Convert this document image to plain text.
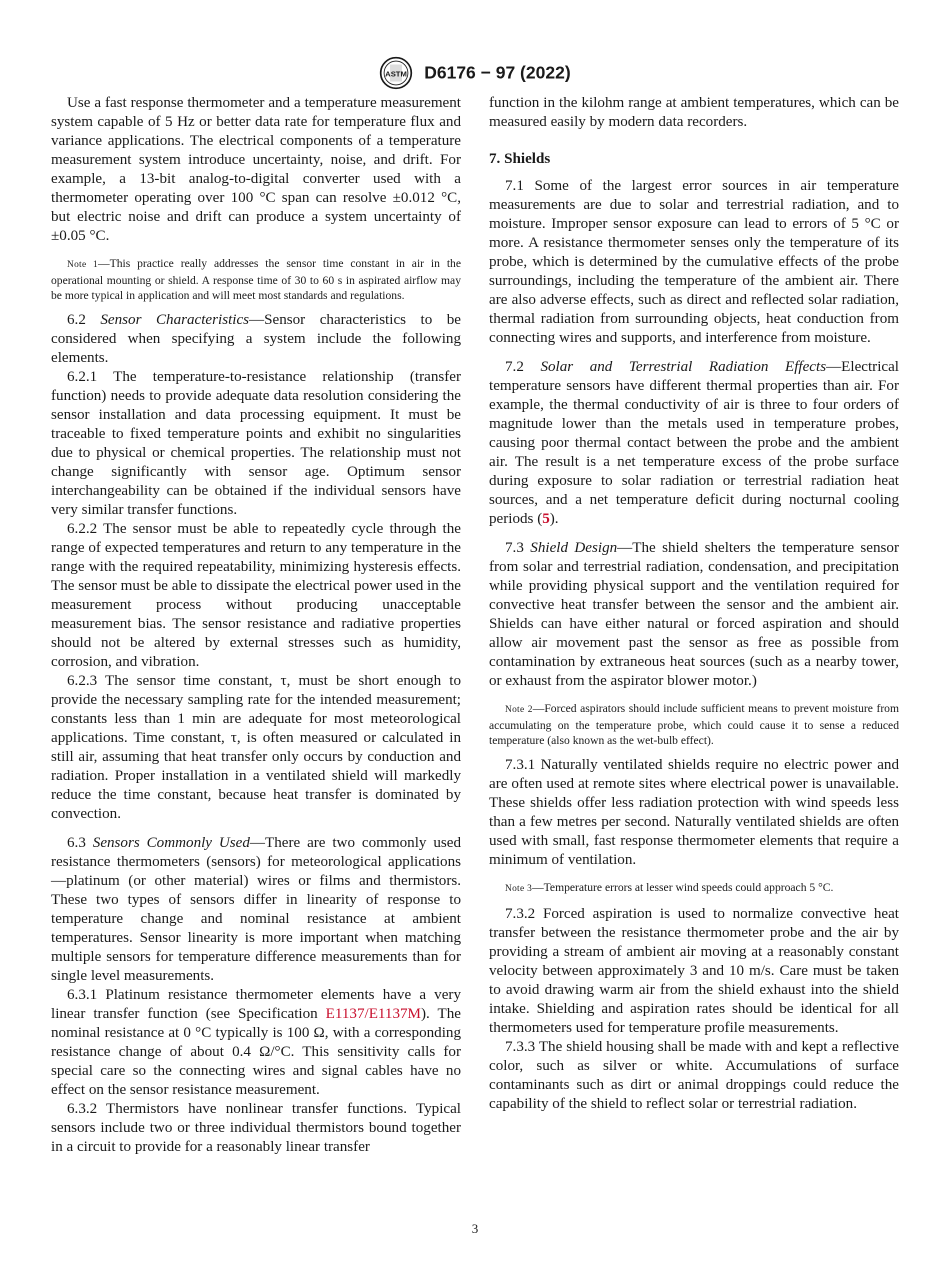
ASTM D6176 − 97 (2022)

Use a fast response thermometer and a temperature measurement system capable of 5 Hz or better data rate for temperature flux and variance applications. The electrical components of a temperature measurement system introduce uncertainty, noise, and drift. For example, a 13-bit analog-to-digital converter used with a thermometer operating over 100 °C span can resolve ±0.012 °C, but electric noise and drift can produce a system uncertainty of ±0.05 °C.

Note 1—This practice really addresses the sensor time constant in air in the operational mounting or shield. A response time of 30 to 60 s in aspirated airflow may be more typical in application and will meet most standards and regulations.

6.2 Sensor Characteristics—Sensor characteristics to be considered when specifying a system include the following elements.

6.2.1 The temperature-to-resistance relationship (transfer function) needs to provide adequate data resolution considering the sensor installation and data processing equipment. It must be traceable to fixed temperature points and exhibit no singularities due to physical or chemical properties. The relationship must not change significantly with sensor age. Optimum sensor interchangeability can be obtained if the individual sensors have very similar transfer functions.

6.2.2 The sensor must be able to repeatedly cycle through the range of expected temperatures and return to any temperature in the range with the required repeatability, minimizing hysteresis effects. The sensor must be able to dissipate the electrical power used in the measurement process without producing unacceptable measurement bias. The sensor resistance and radiative properties should not be altered by external stresses such as humidity, corrosion, and vibration.

6.2.3 The sensor time constant, τ, must be short enough to provide the necessary sampling rate for the intended measurement; constants less than 1 min are adequate for most meteorological applications. Time constant, τ, is often measured or calculated in still air, assuming that heat transfer only occurs by conduction and radiation. Proper installation in a ventilated shield will markedly reduce the time constant, because heat transfer is dominated by convection.

6.3 Sensors Commonly Used—There are two commonly used resistance thermometers (sensors) for meteorological applications—platinum (or other material) wires or films and thermistors. These two types of sensors differ in linearity of response to temperature change and nominal resistance at ambient temperatures. Sensor linearity is more important when matching multiple sensors for temperature difference measurements than for single level measurements.

6.3.1 Platinum resistance thermometer elements have a very linear transfer function (see Specification E1137/E1137M). The nominal resistance at 0 °C typically is 100 Ω, with a corresponding resistance change of about 0.4 Ω/°C. This sensitivity calls for special care so the connecting wires and signal cables have no effect on the sensor resistance measurement.

6.3.2 Thermistors have nonlinear transfer functions. Typical sensors include two or three individual thermistors bound together in a circuit to provide for a reasonably linear transfer

function in the kilohm range at ambient temperatures, which can be measured easily by modern data recorders.

7. Shields

7.1 Some of the largest error sources in air temperature measurements are due to solar and terrestrial radiation, and to moisture. Improper sensor exposure can lead to errors of 5 °C or more. A resistance thermometer senses only the temperature of its probe, which is determined by the cumulative effects of the probe surroundings, including the temperature of the ambient air. There are also adverse effects, such as direct and reflected solar radiation, thermal radiation from surrounding objects, heat conduction from connecting wires and supports, and interference from moisture.

7.2 Solar and Terrestrial Radiation Effects—Electrical temperature sensors have different thermal properties than air. For example, the thermal conductivity of air is three to four orders of magnitude lower than the metals used in temperature probes, causing poor thermal contact between the probe and the ambient air. The result is a net temperature excess of the probe surface during exposure to solar radiation or terrestrial radiation heat sources, and a net temperature deficit during nocturnal cooling periods (5).

7.3 Shield Design—The shield shelters the temperature sensor from solar and terrestrial radiation, condensation, and precipitation while providing physical support and the ventilation required for convective heat transfer between the sensor and the ambient air. Shields can have either natural or forced aspiration and should allow air movement past the sensor as free as possible from contamination by extraneous heat sources (such as a nearby tower, or exhaust from the aspirator blower motor.)

Note 2—Forced aspirators should include sufficient means to prevent moisture from accumulating on the temperature probe, which could cause it to sense a reduced temperature (also known as the wet-bulb effect).

7.3.1 Naturally ventilated shields require no electric power and are often used at remote sites where electrical power is unavailable. These shields offer less radiation protection with wind speeds less than a few metres per second. Naturally ventilated shields are often used with small, fast response thermometer elements that require a minimum of ventilation.

Note 3—Temperature errors at lesser wind speeds could approach 5 °C.

7.3.2 Forced aspiration is used to normalize convective heat transfer between the resistance thermometer probe and the air by providing a stream of ambient air moving at a reasonably constant velocity between approximately 3 and 10 m/s. Care must be taken to avoid drawing warm air from the shield exhaust into the shield intake. Shielding and aspiration rates should be identical for all thermometers used for temperature profile measurements.

7.3.3 The shield housing shall be made with and kept a reflective color, such as silver or white. Accumulations of surface contaminants such as dirt or animal droppings could reduce the capability of the shield to reflect solar or terrestrial radiation.

3
